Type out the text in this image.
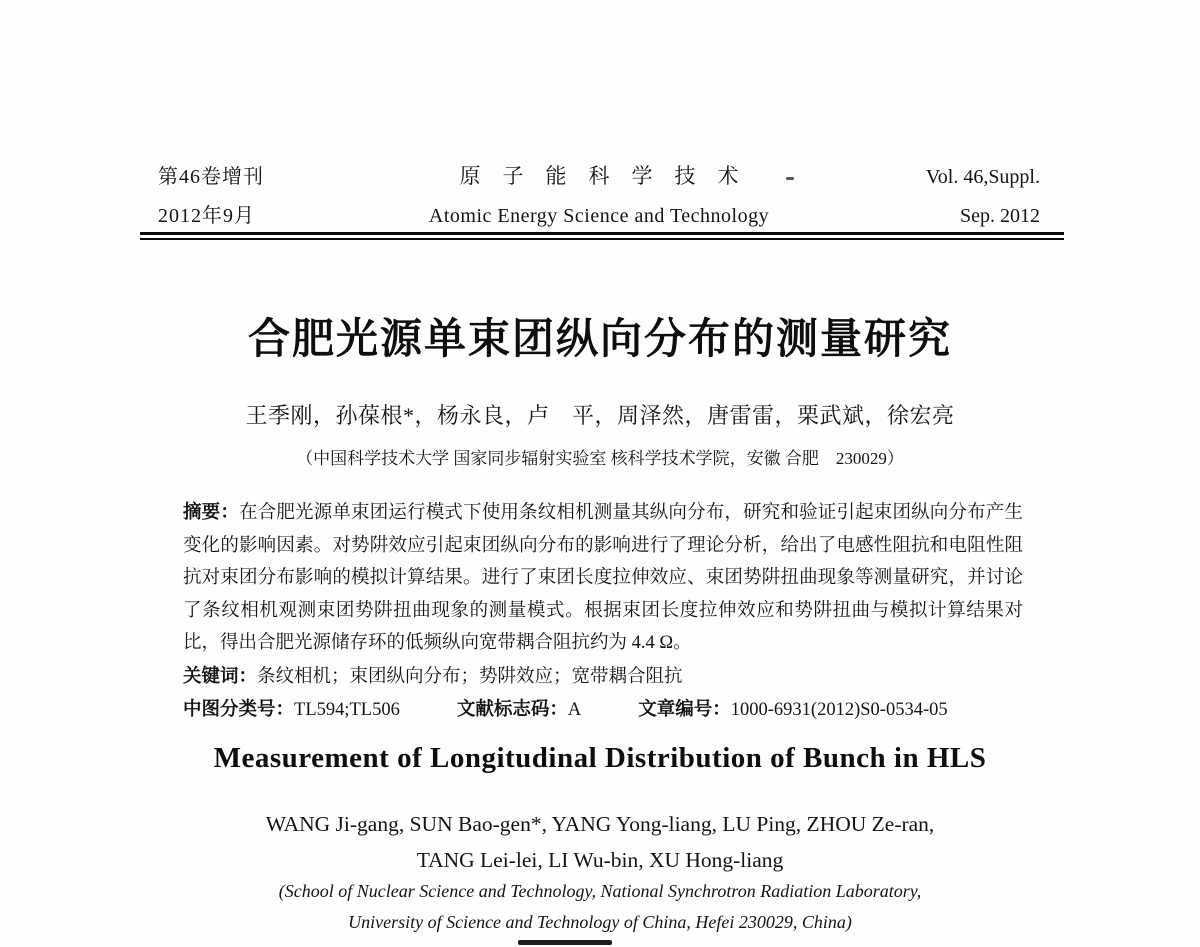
第46卷增刊	原子能科学技术	Vol. 46,Suppl.
2012年9月	Atomic Energy Science and Technology	Sep. 2012
合肥光源单束团纵向分布的测量研究
王季刚，孙葆根*，杨永良，卢　平，周泽然，唐雷雷，栗武斌，徐宏亮
（中国科学技术大学 国家同步辐射实验室 核科学技术学院，安徽 合肥　230029）

摘要：在合肥光源单束团运行模式下使用条纹相机测量其纵向分布，研究和验证引起束团纵向分布产生变化的影响因素。对势阱效应引起束团纵向分布的影响进行了理论分析，给出了电感性阻抗和电阻性阻抗对束团分布影响的模拟计算结果。进行了束团长度拉伸效应、束团势阱扭曲现象等测量研究，并讨论了条纹相机观测束团势阱扭曲现象的测量模式。根据束团长度拉伸效应和势阱扭曲与模拟计算结果对比，得出合肥光源储存环的低频纵向宽带耦合阻抗约为 4.4 Ω。

关键词：条纹相机；束团纵向分布；势阱效应；宽带耦合阻抗

中图分类号：TL594;TL506	文献标志码：A	文章编号：1000-6931(2012)S0-0534-05

Measurement of Longitudinal Distribution of Bunch in HLS
WANG Ji-gang, SUN Bao-gen*, YANG Yong-liang, LU Ping, ZHOU Ze-ran,
TANG Lei-lei, LI Wu-bin, XU Hong-liang
(School of Nuclear Science and Technology, National Synchrotron Radiation Laboratory,
University of Science and Technology of China, Hefei 230029, China)
